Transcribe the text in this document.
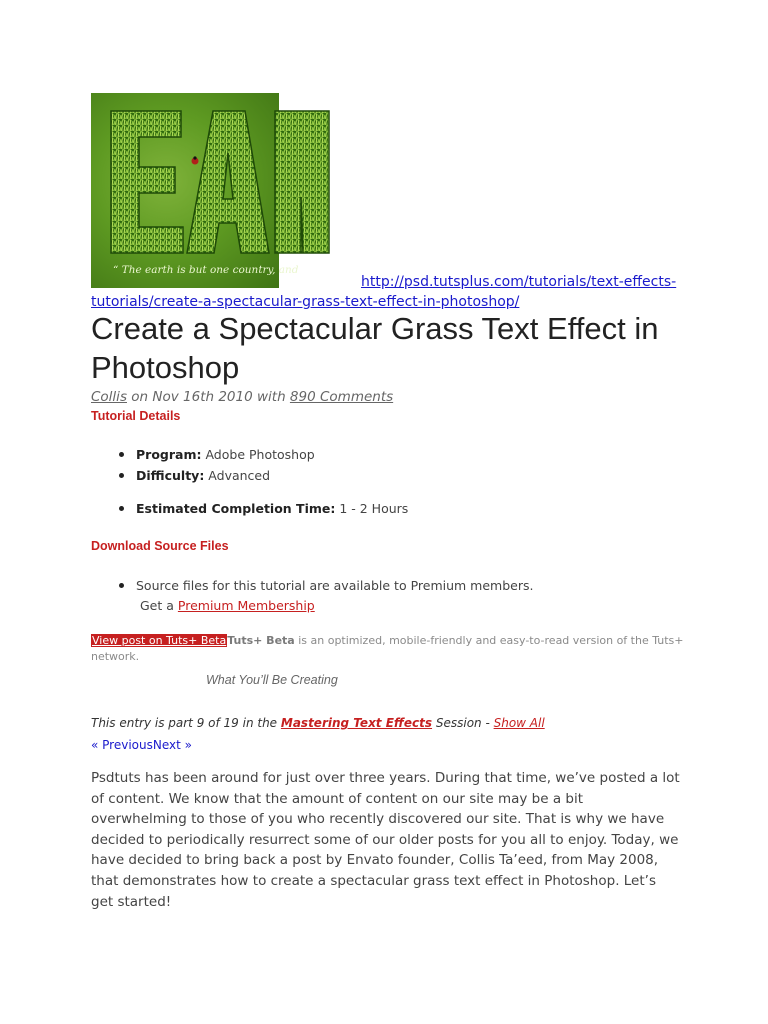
“ The earth is but one country, and
http://psd.tutsplus.com/tutorials/text-effects-tutorials/create-a-spectacular-grass-text-effect-in-photoshop/
Create a Spectacular Grass Text Effect in Photoshop
Collis on Nov 16th 2010 with 890 Comments
Tutorial Details
Program: Adobe Photoshop
Difficulty: Advanced
Estimated Completion Time: 1 - 2 Hours
Download Source Files
Source files for this tutorial are available to Premium members.
Get a Premium Membership
View post on Tuts+ BetaTuts+ Beta is an optimized, mobile-friendly and easy-to-read version of the Tuts+ network.
What You’ll Be Creating
This entry is part 9 of 19 in the Mastering Text Effects Session - Show All
« PreviousNext »

Psdtuts has been around for just over three years. During that time, we’ve posted a lot of content. We know that the amount of content on our site may be a bit overwhelming to those of you who recently discovered our site. That is why we have decided to periodically resurrect some of our older posts for you all to enjoy. Today, we have decided to bring back a post by Envato founder, Collis Ta’eed, from May 2008, that demonstrates how to create a spectacular grass text effect in Photoshop. Let’s get started!
